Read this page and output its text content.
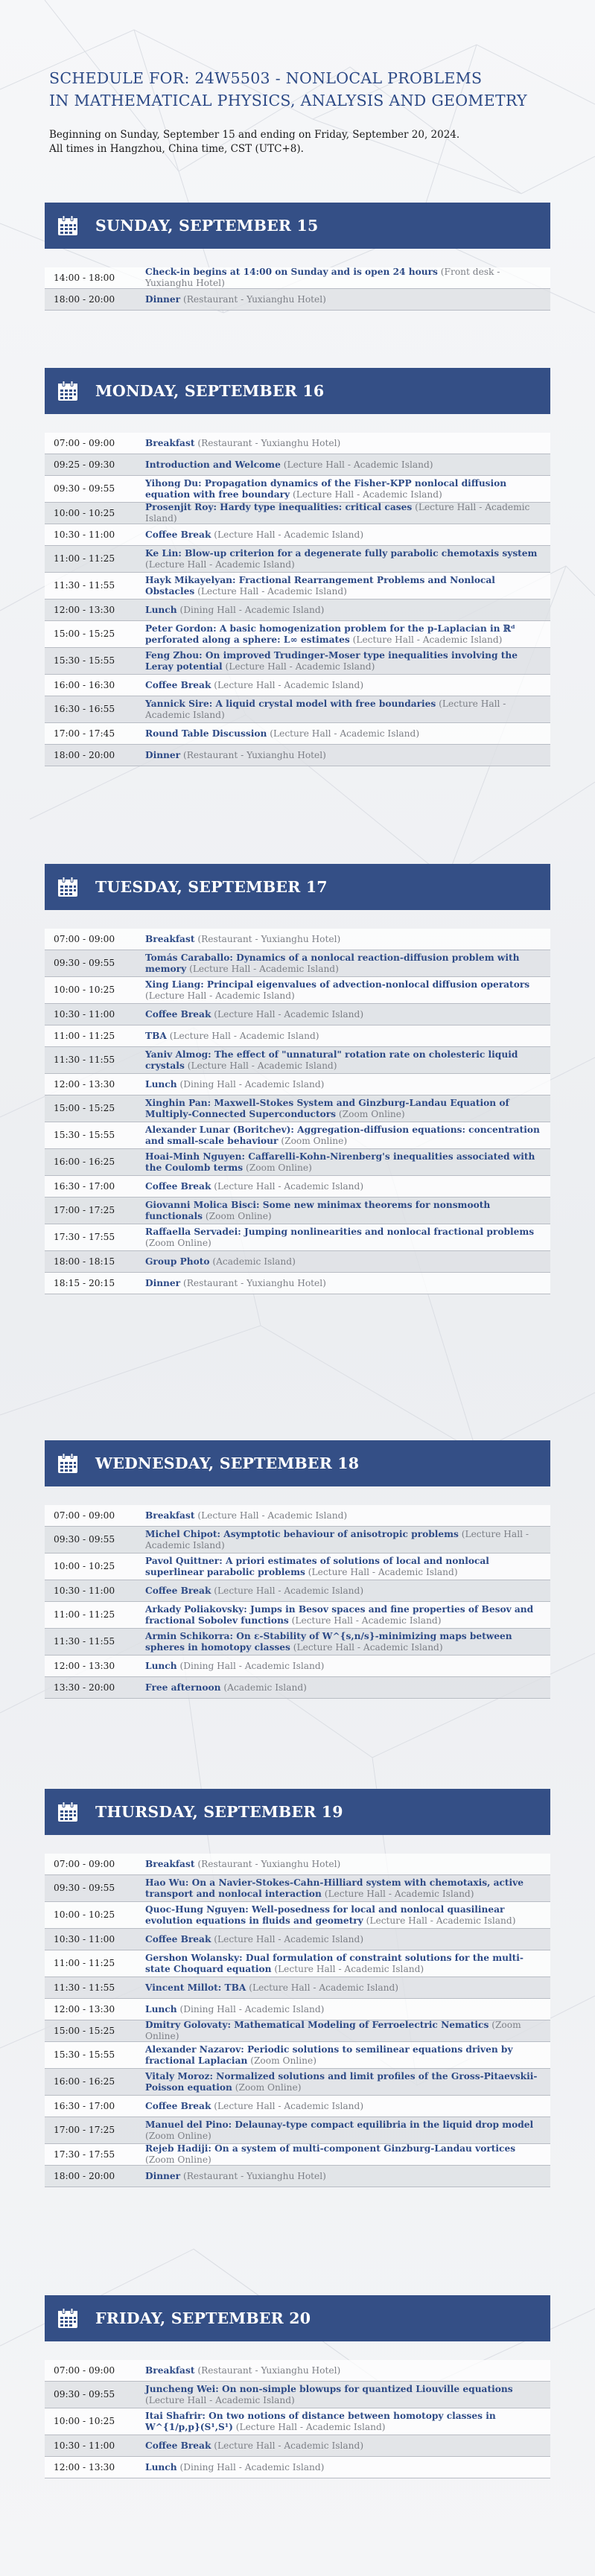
SCHEDULE FOR: 24W5503 - NONLOCAL PROBLEMS
IN MATHEMATICAL PHYSICS, ANALYSIS AND GEOMETRY
Beginning on Sunday, September 15 and ending on Friday, September 20, 2024.
All times in Hangzhou, China time, CST (UTC+8).
SUNDAY, SEPTEMBER 15
14:00 - 18:00
Check-in begins at 14:00 on Sunday and is open 24 hours (Front desk - Yuxianghu Hotel)
18:00 - 20:00	Dinner (Restaurant - Yuxianghu Hotel)
MONDAY, SEPTEMBER 16
07:00 - 09:00	Breakfast (Restaurant - Yuxianghu Hotel)
09:25 - 09:30	Introduction and Welcome (Lecture Hall - Academic Island)
09:30 - 09:55
Yihong Du: Propagation dynamics of the Fisher-KPP nonlocal diffusion equation with free boundary (Lecture Hall - Academic Island)
10:00 - 10:25
Prosenjit Roy: Hardy type inequalities: critical cases (Lecture Hall - Academic Island)
10:30 - 11:00	Coffee Break (Lecture Hall - Academic Island)
11:00 - 11:25
Ke Lin: Blow-up criterion for a degenerate fully parabolic chemotaxis system (Lecture Hall - Academic Island)
11:30 - 11:55
Hayk Mikayelyan: Fractional Rearrangement Problems and Nonlocal Obstacles (Lecture Hall - Academic Island)
12:00 - 13:30	Lunch (Dining Hall - Academic Island)
15:00 - 15:25
Peter Gordon: A basic homogenization problem for the p-Laplacian in ℝᵈ perforated along a sphere: L∞ estimates (Lecture Hall - Academic Island)
15:30 - 15:55
Feng Zhou: On improved Trudinger-Moser type inequalities involving the Leray potential (Lecture Hall - Academic Island)
16:00 - 16:30	Coffee Break (Lecture Hall - Academic Island)
16:30 - 16:55
Yannick Sire: A liquid crystal model with free boundaries (Lecture Hall - Academic Island)
17:00 - 17:45	Round Table Discussion (Lecture Hall - Academic Island)
18:00 - 20:00	Dinner (Restaurant - Yuxianghu Hotel)
TUESDAY, SEPTEMBER 17
07:00 - 09:00	Breakfast (Restaurant - Yuxianghu Hotel)
09:30 - 09:55
Tomás Caraballo: Dynamics of a nonlocal reaction-diffusion problem with memory (Lecture Hall - Academic Island)
10:00 - 10:25
Xing Liang: Principal eigenvalues of advection-nonlocal diffusion operators (Lecture Hall - Academic Island)
10:30 - 11:00	Coffee Break (Lecture Hall - Academic Island)
11:00 - 11:25	TBA (Lecture Hall - Academic Island)
11:30 - 11:55
Yaniv Almog: The effect of "unnatural" rotation rate on cholesteric liquid crystals (Lecture Hall - Academic Island)
12:00 - 13:30	Lunch (Dining Hall - Academic Island)
15:00 - 15:25
Xinghin Pan: Maxwell-Stokes System and Ginzburg-Landau Equation of Multiply-Connected Superconductors (Zoom Online)
15:30 - 15:55
Alexander Lunar (Boritchev): Aggregation-diffusion equations: concentration and small-scale behaviour (Zoom Online)
16:00 - 16:25
Hoai-Minh Nguyen: Caffarelli-Kohn-Nirenberg's inequalities associated with the Coulomb terms (Zoom Online)
16:30 - 17:00	Coffee Break (Lecture Hall - Academic Island)
17:00 - 17:25
Giovanni Molica Bisci: Some new minimax theorems for nonsmooth functionals (Zoom Online)
17:30 - 17:55
Raffaella Servadei: Jumping nonlinearities and nonlocal fractional problems (Zoom Online)
18:00 - 18:15	Group Photo (Academic Island)
18:15 - 20:15	Dinner (Restaurant - Yuxianghu Hotel)
WEDNESDAY, SEPTEMBER 18
07:00 - 09:00	Breakfast (Lecture Hall - Academic Island)
09:30 - 09:55
Michel Chipot: Asymptotic behaviour of anisotropic problems (Lecture Hall - Academic Island)
10:00 - 10:25
Pavol Quittner: A priori estimates of solutions of local and nonlocal superlinear parabolic problems (Lecture Hall - Academic Island)
10:30 - 11:00	Coffee Break (Lecture Hall - Academic Island)
11:00 - 11:25
Arkady Poliakovsky: Jumps in Besov spaces and fine properties of Besov and fractional Sobolev functions (Lecture Hall - Academic Island)
11:30 - 11:55
Armin Schikorra: On ε-Stability of W^{s,n/s}-minimizing maps between spheres in homotopy classes (Lecture Hall - Academic Island)
12:00 - 13:30	Lunch (Dining Hall - Academic Island)
13:30 - 20:00	Free afternoon (Academic Island)
THURSDAY, SEPTEMBER 19
07:00 - 09:00	Breakfast (Restaurant - Yuxianghu Hotel)
09:30 - 09:55
Hao Wu: On a Navier-Stokes-Cahn-Hilliard system with chemotaxis, active transport and nonlocal interaction (Lecture Hall - Academic Island)
10:00 - 10:25
Quoc-Hung Nguyen: Well-posedness for local and nonlocal quasilinear evolution equations in fluids and geometry (Lecture Hall - Academic Island)
10:30 - 11:00	Coffee Break (Lecture Hall - Academic Island)
11:00 - 11:25
Gershon Wolansky: Dual formulation of constraint solutions for the multi-state Choquard equation (Lecture Hall - Academic Island)
11:30 - 11:55	Vincent Millot: TBA (Lecture Hall - Academic Island)
12:00 - 13:30	Lunch (Dining Hall - Academic Island)
15:00 - 15:25
Dmitry Golovaty: Mathematical Modeling of Ferroelectric Nematics (Zoom Online)
15:30 - 15:55
Alexander Nazarov: Periodic solutions to semilinear equations driven by fractional Laplacian (Zoom Online)
16:00 - 16:25
Vitaly Moroz: Normalized solutions and limit profiles of the Gross-Pitaevskii-Poisson equation (Zoom Online)
16:30 - 17:00	Coffee Break (Lecture Hall - Academic Island)
17:00 - 17:25
Manuel del Pino: Delaunay-type compact equilibria in the liquid drop model (Zoom Online)
17:30 - 17:55
Rejeb Hadiji: On a system of multi-component Ginzburg-Landau vortices (Zoom Online)
18:00 - 20:00	Dinner (Restaurant - Yuxianghu Hotel)
FRIDAY, SEPTEMBER 20
07:00 - 09:00	Breakfast (Restaurant - Yuxianghu Hotel)
09:30 - 09:55
Juncheng Wei: On non-simple blowups for quantized Liouville equations (Lecture Hall - Academic Island)
10:00 - 10:25
Itai Shafrir: On two notions of distance between homotopy classes in W^{1/p,p}(S¹,S¹) (Lecture Hall - Academic Island)
10:30 - 11:00	Coffee Break (Lecture Hall - Academic Island)
12:00 - 13:30	Lunch (Dining Hall - Academic Island)
